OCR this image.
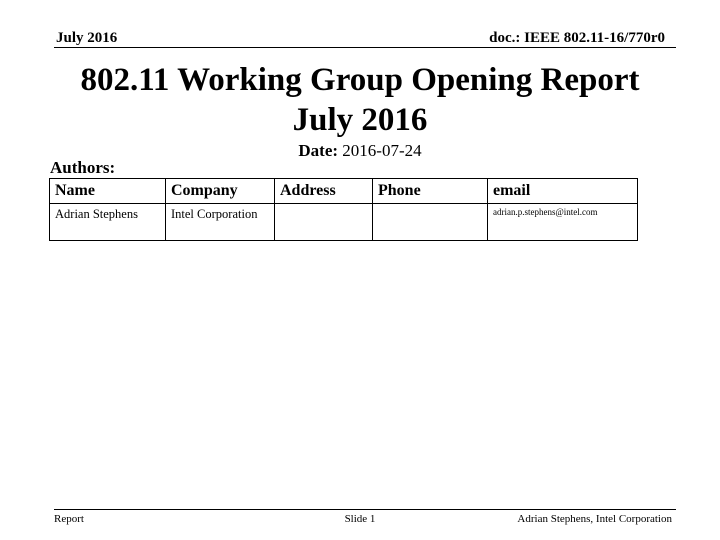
July 2016	doc.: IEEE 802.11-16/770r0
802.11 Working Group Opening Report
July 2016
Date: 2016-07-24
Authors:
Name	Company	Address	Phone	email
Adrian Stephens	Intel Corporation			adrian.p.stephens@intel.com
Report	Slide 1	Adrian Stephens, Intel Corporation
